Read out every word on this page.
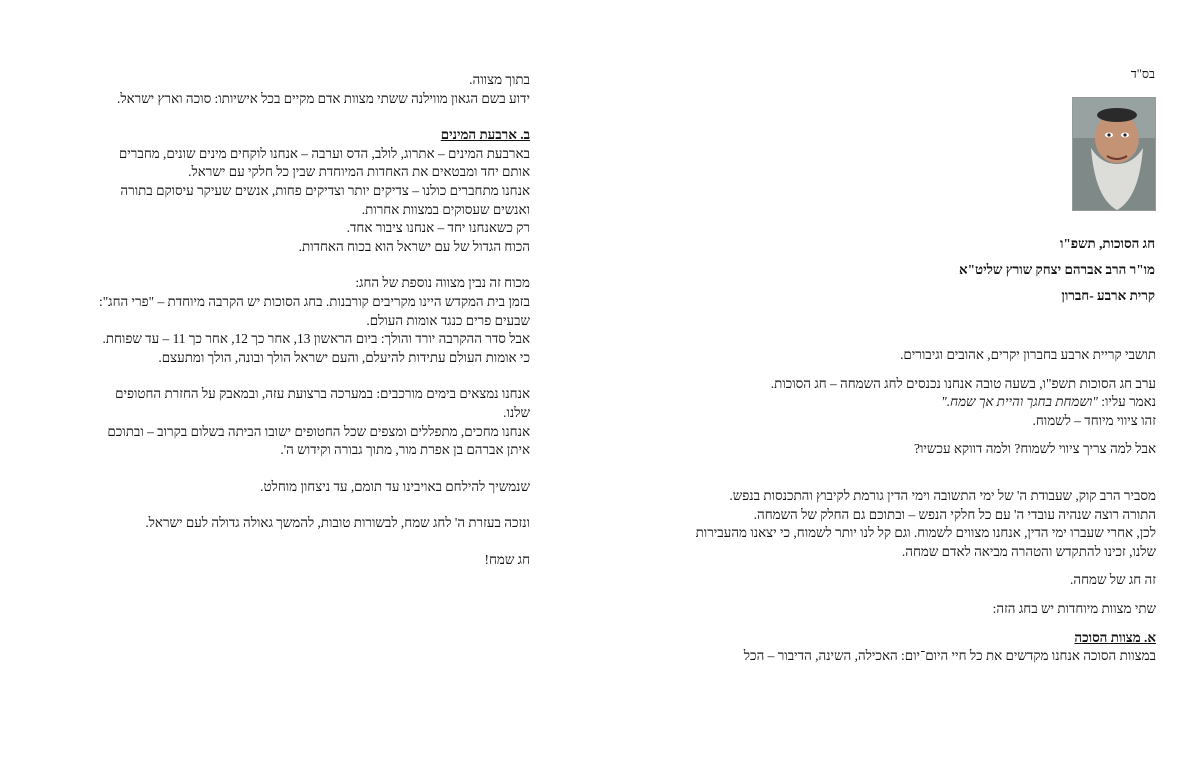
בתוך מצווה.

ידוע בשם הגאון מווילנה ששתי מצוות אדם מקיים בכל אישיותו: סוכה וארץ ישראל.

ב. ארבעת המינים

בארבעת המינים – אתרוג, לולב, הדס וערבה – אנחנו לוקחים מינים שונים, מחברים אותם יחד ומבטאים את האחדות המיוחדת שבין כל חלקי עם ישראל.

אנחנו מתחברים כולנו – צדיקים יותר וצדיקים פחות, אנשים שעיקר עיסוקם בתורה ואנשים שעסוקים במצוות אחרות.

רק כשאנחנו יחד – אנחנו ציבור אחד.

הכוח הגדול של עם ישראל הוא בכוח האחדות.

מכוח זה נבין מצווה נוספת של החג:

בזמן בית המקדש היינו מקריבים קורבנות. בחג הסוכות יש הקרבה מיוחדת – "פרי החג": שבעים פרים כנגד אומות העולם.

אבל סדר ההקרבה יורד והולך: ביום הראשון 13, אחר כך 12, אחר כך 11 – עד שפוחת.

כי אומות העולם עתידות להיעלם, והעם ישראל הולך ובונה, הולך ומתעצם.

אנחנו נמצאים בימים מורכבים: במערכה ברצועת עזה, ובמאבק על החזרת החטופים שלנו.

אנחנו מחכים, מתפללים ומצפים שכל החטופים ישובו הביתה בשלום בקרוב – ובתוכם איתן אברהם בן אפרת מור, מתוך גבורה וקידוש ה'.

שנמשיך להילחם באויבינו עד תומם, עד ניצחון מוחלט.

ונזכה בעזרת ה' לחג שמח, לבשורות טובות, להמשך גאולה גדולה לעם ישראל.

חג שמח!

בס"ד
חג הסוכות, תשפ"ו
מו"ר הרב אברהם יצחק שורץ שליט"א
קרית ארבע -חברון

תושבי קריית ארבע בחברון יקרים, אהובים וגיבורים.

ערב חג הסוכות תשפ"ו, בשעה טובה אנחנו נכנסים לחג השמחה – חג הסוכות.

נאמר עליו: "ושמחת בחגך והיית אך שמח."

זהו ציווי מיוחד – לשמוח.

אבל למה צריך ציווי לשמוח? ולמה דווקא עכשיו?

מסביר הרב קוק, שעבודת ה' של ימי התשובה וימי הדין גורמת לקיבוץ והתכנסות בנפש.

התורה רוצה שנהיה עובדי ה' עם כל חלקי הנפש – ובתוכם גם החלק של השמחה.

לכן, אחרי שעברו ימי הדין, אנחנו מצווים לשמוח. וגם קל לנו יותר לשמוח, כי יצאנו מהעבירות שלנו, זכינו להתקדש והטהרה מביאה לאדם שמחה.

זה חג של שמחה.

שתי מצוות מיוחדות יש בחג הזה:

א. מצוות הסוכה

במצוות הסוכה אנחנו מקדשים את כל חיי היום־יום: האכילה, השינה, הדיבור – הכל
